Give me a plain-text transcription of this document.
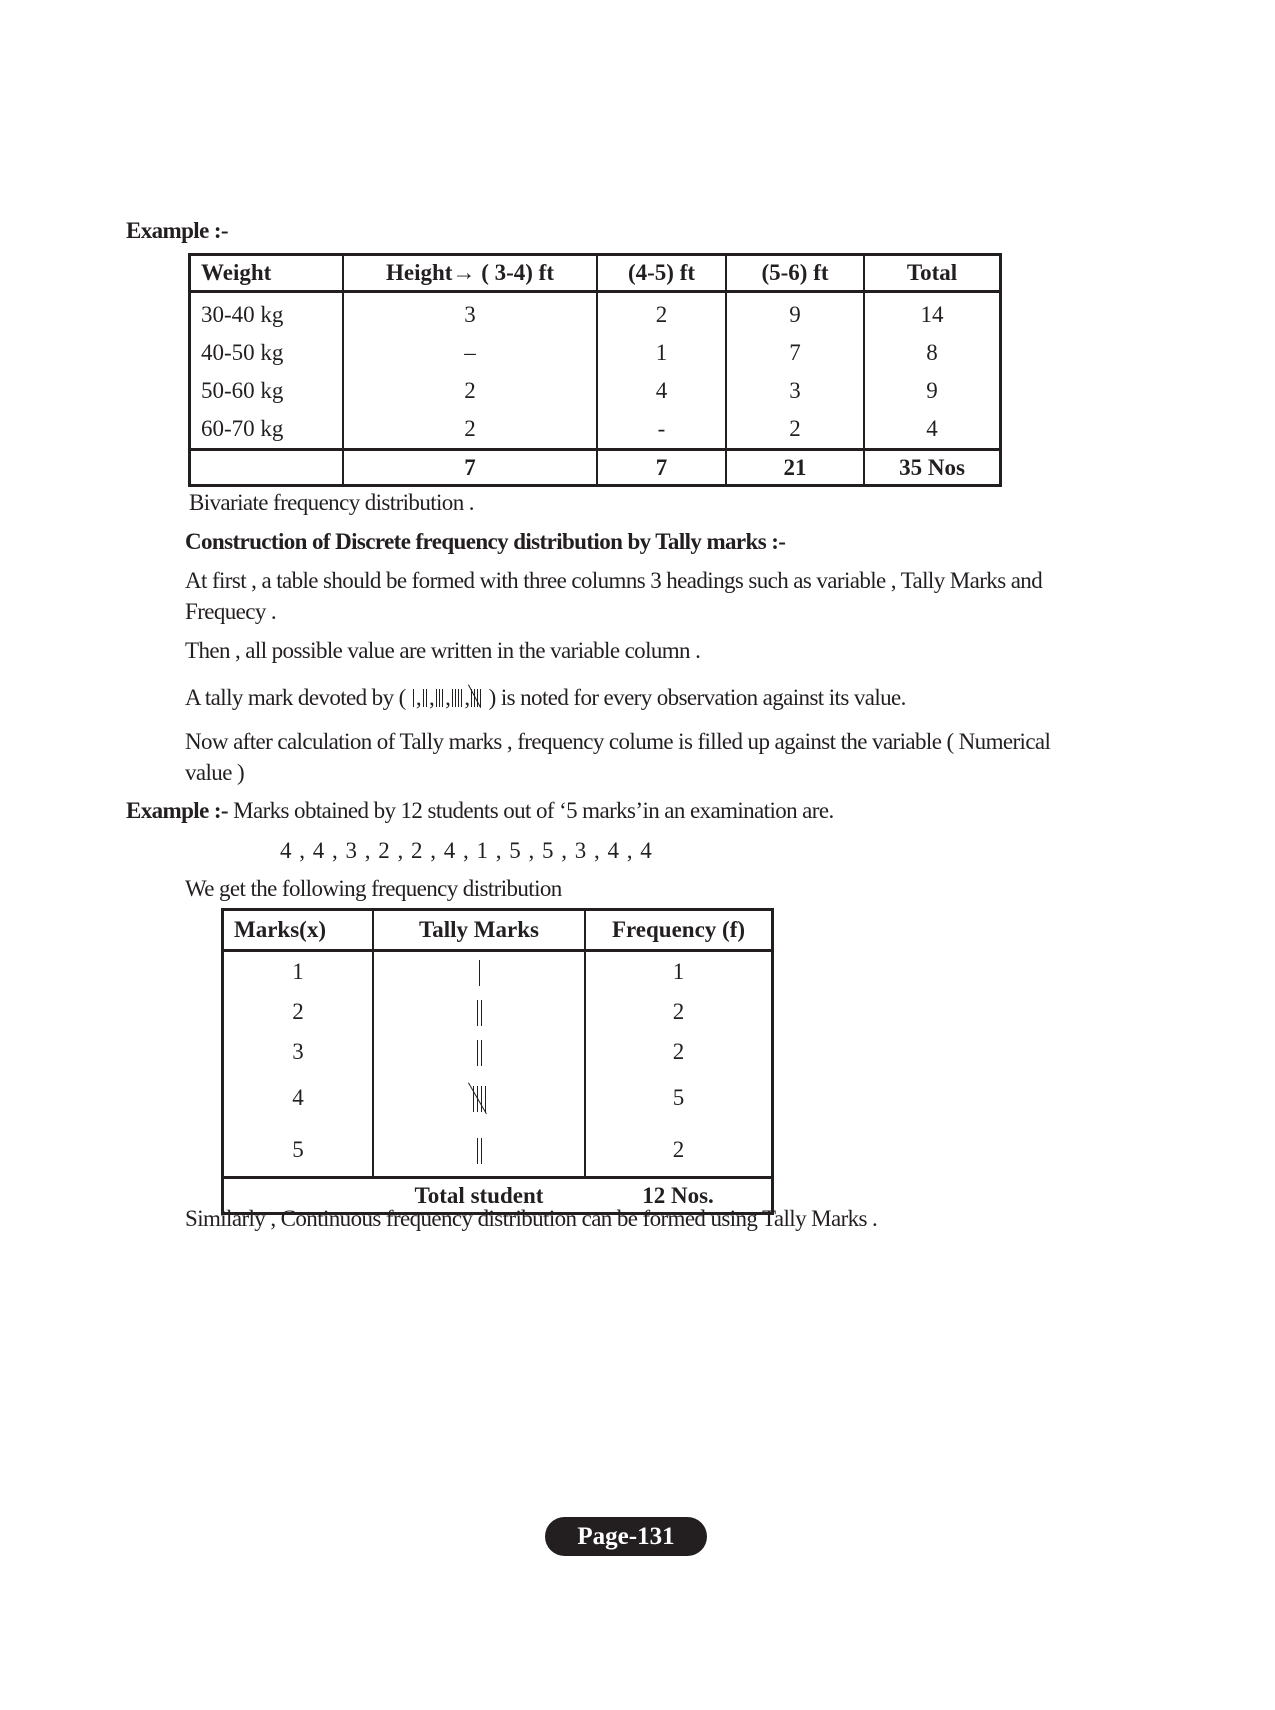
Example :-
Weight	Height→ ( 3-4) ft	(4-5) ft	(5-6) ft	Total
30-40 kg	3	2	9	14
40-50 kg	–	1	7	8
50-60 kg	2	4	3	9
60-70 kg	2	-	2	4
	7	7	21	35 Nos
Bivariate frequency distribution .
Construction of Discrete frequency distribution by Tally marks :-
At first , a table should be formed with three columns 3 headings such as variable , Tally Marks and
Frequecy .
Then , all possible value are written in the variable column .
A tally mark devoted by ( , , , , ) is noted for every observation against its value.
Now after calculation of Tally marks , frequency colume is filled up against the variable ( Numerical
value )
Example :- Marks obtained by 12 students out of ‘5 marks’in an examination are.
4 , 4 , 3 , 2 , 2 , 4 , 1 , 5 , 5 , 3 , 4 , 4
We get the following frequency distribution
Marks(x)	Tally Marks	Frequency (f)
1		1
2		2
3		2
4		5
5		2
	Total student	12 Nos.
Similarly , Continuous frequency distribution can be formed using Tally Marks .
Page-131
